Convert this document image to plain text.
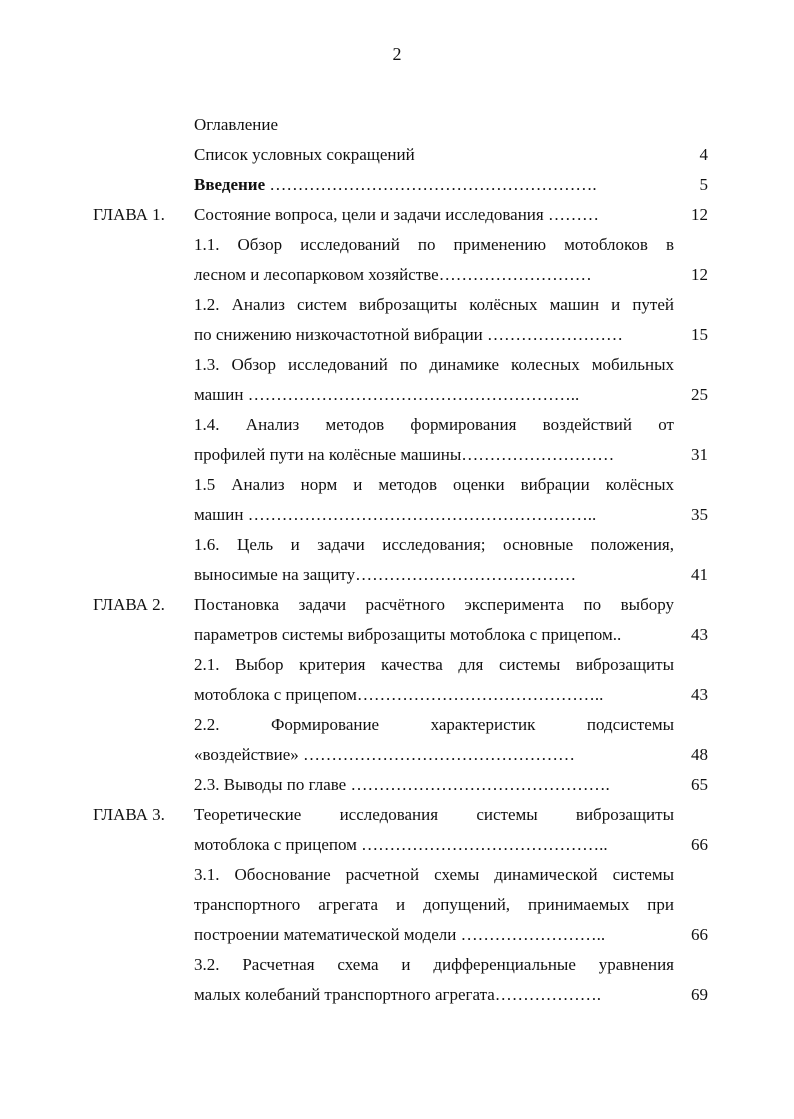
2
Оглавление
Список условных сокращений	4
Введение ………………………………………………….	5
ГЛАВА 1. Состояние вопроса, цели и задачи исследования ………	12
1.1. Обзор исследований по применению мотоблоков в
лесном и лесопарковом хозяйстве………………………	12
1.2. Анализ систем виброзащиты колёсных машин и путей
по снижению низкочастотной вибрации ……………………	15
1.3. Обзор исследований по динамике колесных мобильных
машин …………………………………………………..	25
1.4. Анализ методов формирования воздействий от
профилей пути на колёсные машины………………………	31
1.5 Анализ норм и методов оценки вибрации колёсных
машин ……………………………………………………..	35
1.6. Цель и задачи исследования; основные положения,
выносимые на защиту…………………………………	41
ГЛАВА 2. Постановка задачи расчётного эксперимента по выбору
параметров системы виброзащиты мотоблока с прицепом..	43
2.1. Выбор критерия качества для системы виброзащиты
мотоблока с прицепом……………………………………..	43
2.2. Формирование характеристик подсистемы
«воздействие» …………………………………………	48
2.3. Выводы по главе ……………………………………….	65
ГЛАВА 3. Теоретические исследования системы виброзащиты
мотоблока с прицепом ……………………………………..	66
3.1. Обоснование расчетной схемы динамической системы
транспортного агрегата и допущений, принимаемых при
построении математической модели ……………………..	66
3.2. Расчетная схема и дифференциальные уравнения
малых колебаний транспортного агрегата……………….	69
